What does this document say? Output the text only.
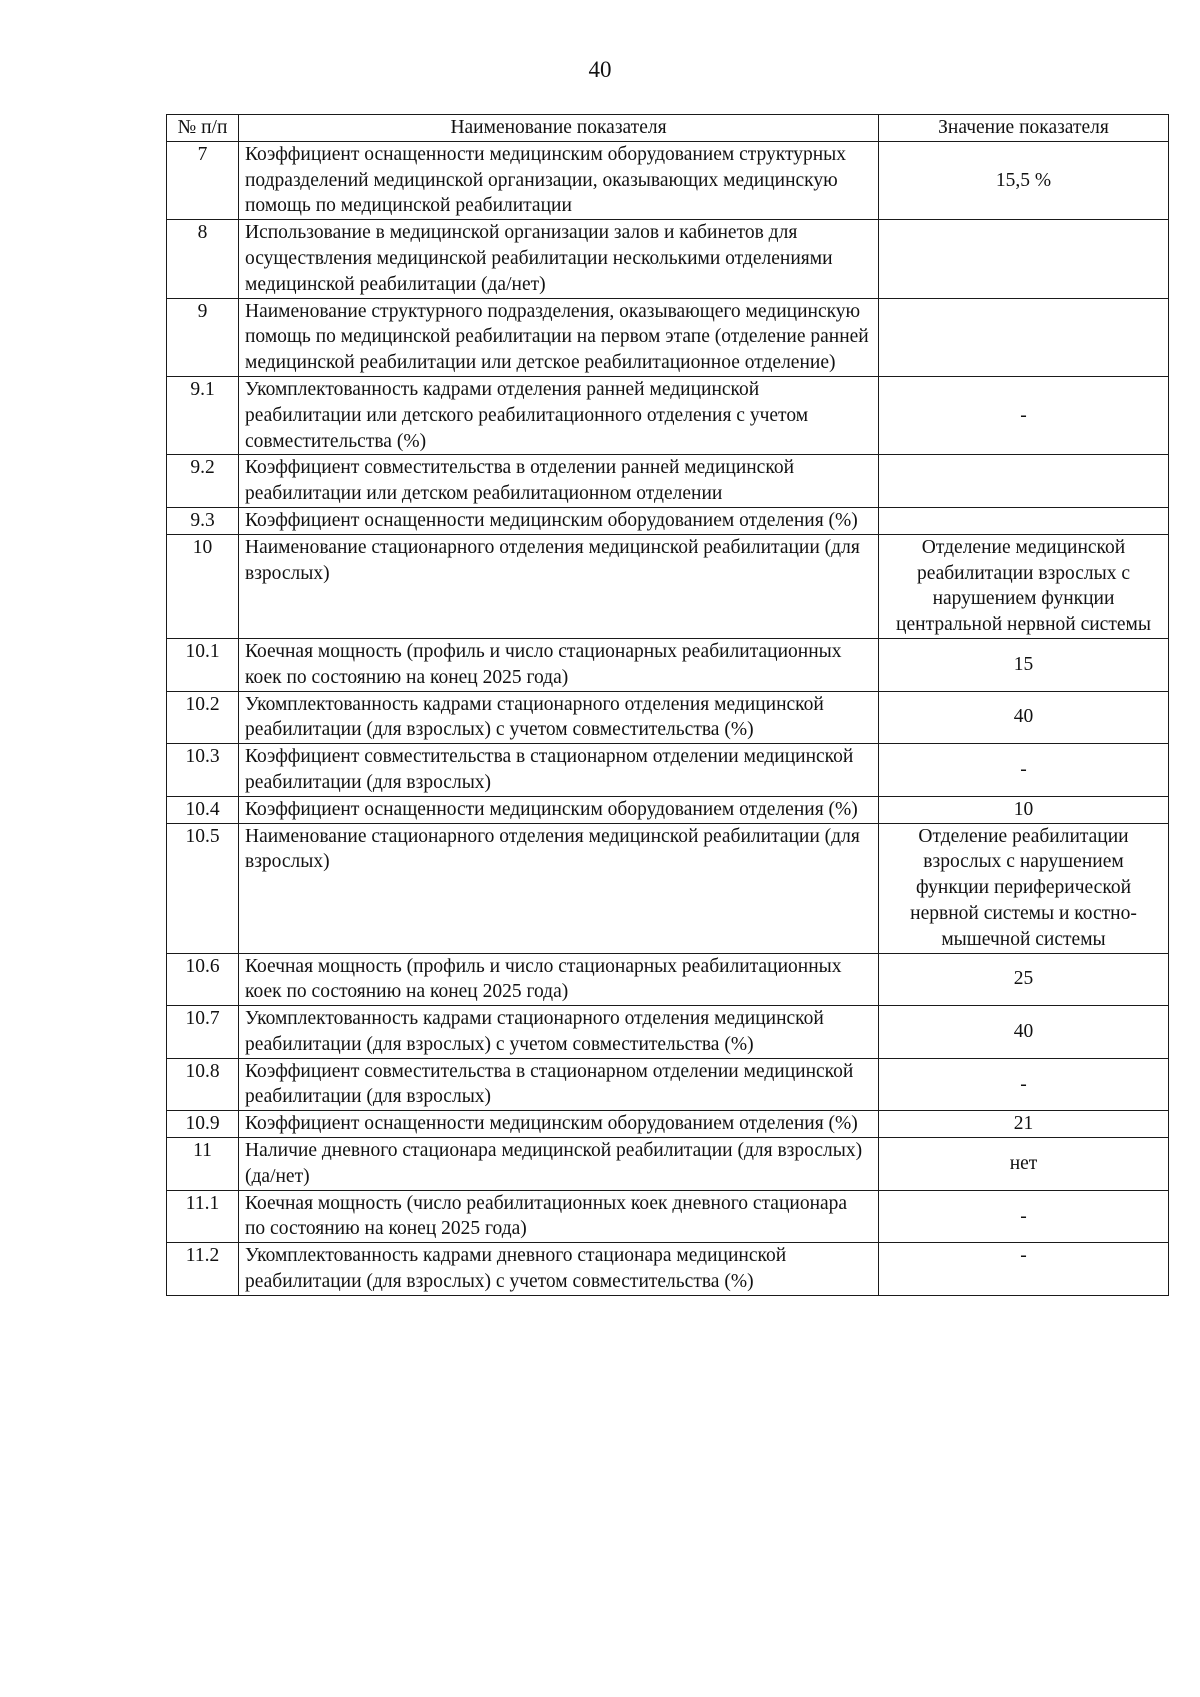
40
№ п/п	Наименование показателя	Значение показателя
7	Коэффициент оснащенности медицинским оборудованием структурных подразделений медицинской организации, оказывающих медицинскую помощь по медицинской реабилитации	15,5 %
8	Использование в медицинской организации залов и кабинетов для осуществления медицинской реабилитации несколькими отделениями медицинской реабилитации (да/нет)	
9	Наименование структурного подразделения, оказывающего медицинскую помощь по медицинской реабилитации на первом этапе (отделение ранней медицинской реабилитации или детское реабилитационное отделение)	
9.1	Укомплектованность кадрами отделения ранней медицинской реабилитации или детского реабилитационного отделения с учетом совместительства (%)	-
9.2	Коэффициент совместительства в отделении ранней медицинской реабилитации или детском реабилитационном отделении	
9.3	Коэффициент оснащенности медицинским оборудованием отделения (%)	
10	Наименование стационарного отделения медицинской реабилитации (для взрослых)	Отделение медицинской реабилитации взрослых с нарушением функции центральной нервной системы
10.1	Коечная мощность (профиль и число стационарных реабилитационных коек по состоянию на конец 2025 года)	15
10.2	Укомплектованность кадрами стационарного отделения медицинской реабилитации (для взрослых) с учетом совместительства (%)	40
10.3	Коэффициент совместительства в стационарном отделении медицинской реабилитации (для взрослых)	-
10.4	Коэффициент оснащенности медицинским оборудованием отделения (%)	10
10.5	Наименование стационарного отделения медицинской реабилитации (для взрослых)	Отделение реабилитации взрослых с нарушением функции периферической нервной системы и костно-мышечной системы
10.6	Коечная мощность (профиль и число стационарных реабилитационных коек по состоянию на конец 2025 года)	25
10.7	Укомплектованность кадрами стационарного отделения медицинской реабилитации (для взрослых) с учетом совместительства (%)	40
10.8	Коэффициент совместительства в стационарном отделении медицинской реабилитации (для взрослых)	-
10.9	Коэффициент оснащенности медицинским оборудованием отделения (%)	21
11	Наличие дневного стационара медицинской реабилитации (для взрослых) (да/нет)	нет
11.1	Коечная мощность (число реабилитационных коек дневного стационара по состоянию на конец 2025 года)	-
11.2	Укомплектованность кадрами дневного стационара медицинской реабилитации (для взрослых) с учетом совместительства (%)	-
